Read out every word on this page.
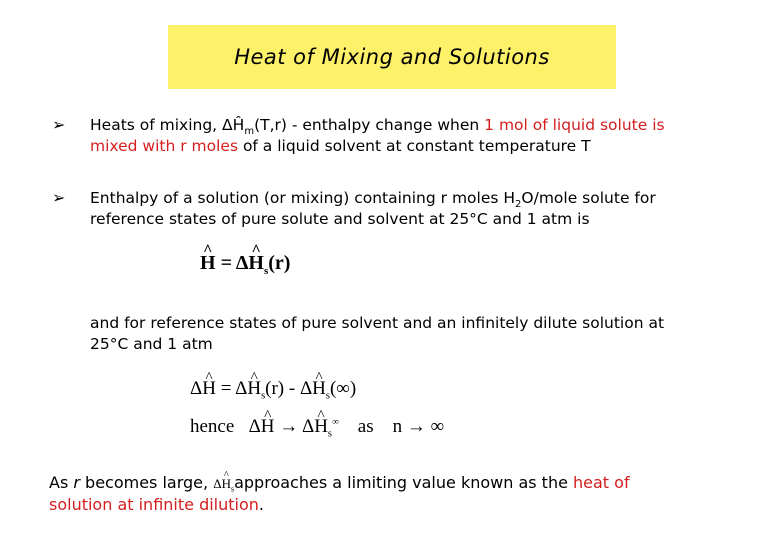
Heat of Mixing and Solutions
➢ Heats of mixing, $\Delta Ĥ_m(T,r)$ - enthalpy change when 1 mol of liquid solute is
mixed with r moles of a liquid solvent at constant temperature T
➢ Enthalpy of a solution (or mixing) containing r moles $H_2O$/mole solute for
reference states of pure solute and solvent at 25°C and 1 atm is
^ H = Δ^ $H_s(r)$
and for reference states of pure solvent and an infinitely dilute solution at
25°C and 1 atm
Δ^ H = Δ^ $H_s(r)$ - Δ^ $H_s(\infty)$
hence   Δ^ H → Δ^ $H_s^\infty$ as n → ∞
As r becomes large, Δ^ $H_sapproaches$ a limiting value known as the heat of
solution at infinite dilution.
